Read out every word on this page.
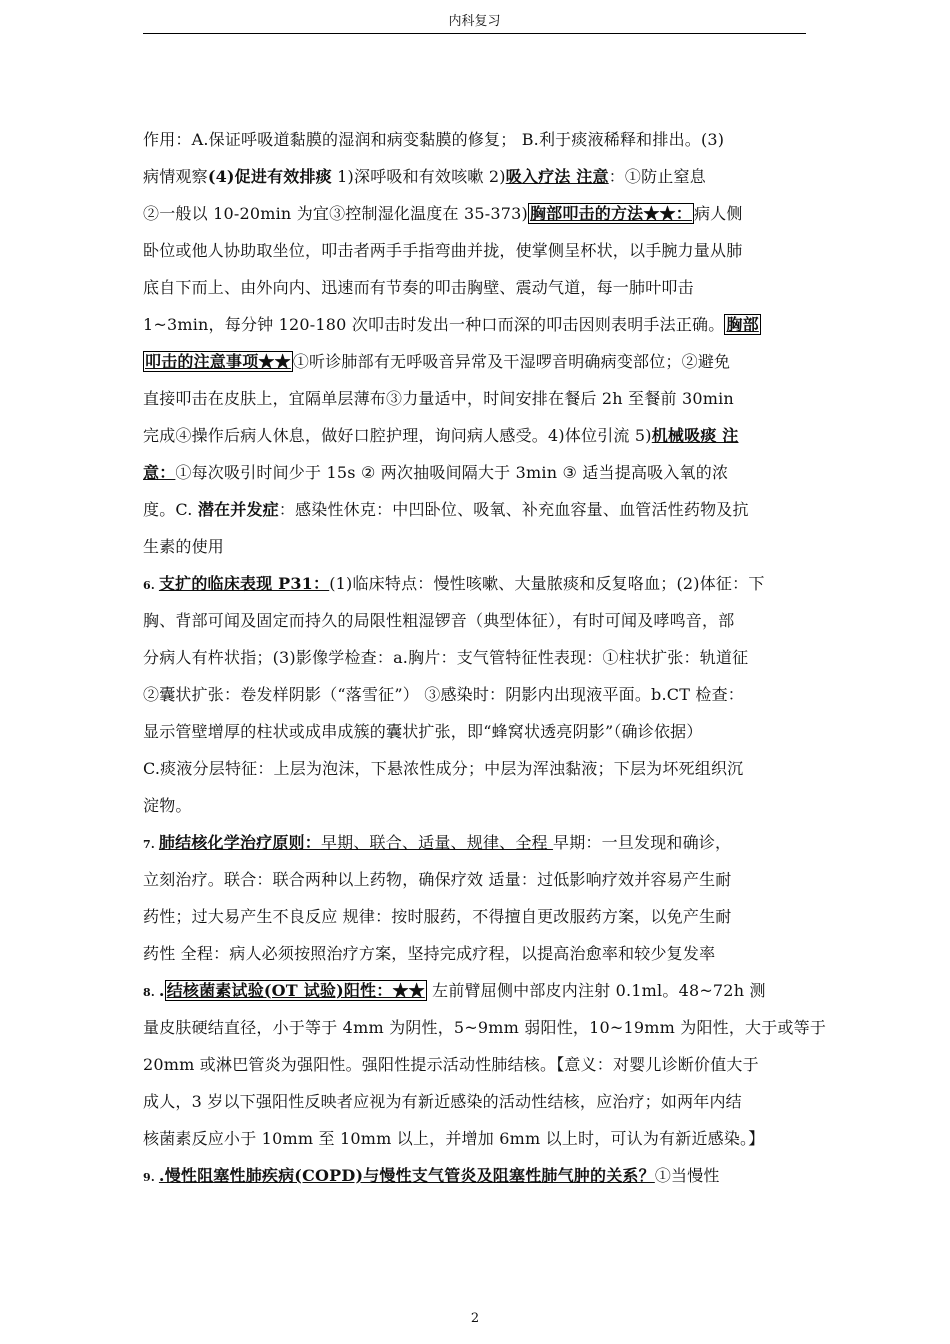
内科复习
作用：A.保证呼吸道黏膜的湿润和病变黏膜的修复； B.利于痰液稀释和排出。(3)
病情观察(4)促进有效排痰 1)深呼吸和有效咳嗽 2)吸入疗法 注意：①防止窒息
②一般以 10-20min 为宜③控制湿化温度在 35-373) 胸部叩击的方法★★： 病人侧
卧位或他人协助取坐位，叩击者两手手指弯曲并拢，使掌侧呈杯状，以手腕力量从肺
底自下而上、由外向内、迅速而有节奏的叩击胸壁、震动气道，每一肺叶叩击
1~3min，每分钟 120-180 次叩击时发出一种口而深的叩击因则表明手法正确。 胸部
叩击的注意事项★★ ①听诊肺部有无呼吸音异常及干湿啰音明确病变部位；②避免
直接叩击在皮肤上，宜隔单层薄布③力量适中，时间安排在餐后 2h 至餐前 30min
完成④操作后病人休息，做好口腔护理，询问病人感受。4)体位引流 5)机械吸痰 注
意：①每次吸引时间少于 15s ② 两次抽吸间隔大于 3min ③ 适当提高吸入氧的浓
度。C. 潜在并发症：感染性休克：中凹卧位、吸氧、补充血容量、血管活性药物及抗
生素的使用
6. 支扩的临床表现 P31：(1)临床特点：慢性咳嗽、大量脓痰和反复咯血；(2)体征：下
胸、背部可闻及固定而持久的局限性粗湿锣音（典型体征），有时可闻及哮鸣音，部
分病人有杵状指；(3)影像学检查：a.胸片：支气管特征性表现：①柱状扩张：轨道征
②囊状扩张：卷发样阴影（“落雪征”） ③感染时：阴影内出现液平面。b.CT 检查：
显示管壁增厚的柱状或成串成簇的囊状扩张，即“蜂窝状透亮阴影”（确诊依据）
C.痰液分层特征：上层为泡沫，下悬浓性成分；中层为浑浊黏液；下层为坏死组织沉
淀物。
7. 肺结核化学治疗原则：早期、联合、适量、规律、全程 早期：一旦发现和确诊，
立刻治疗。联合：联合两种以上药物，确保疗效 适量：过低影响疗效并容易产生耐
药性；过大易产生不良反应 规律：按时服药，不得擅自更改服药方案，以免产生耐
药性 全程：病人必须按照治疗方案，坚持完成疗程，以提高治愈率和较少复发率
8. . 结核菌素试验(OT 试验)阳性：★★ 左前臂屈侧中部皮内注射 0.1ml。48~72h 测
量皮肤硬结直径，小于等于 4mm 为阴性，5~9mm 弱阳性，10~19mm 为阳性，大于或等于
20mm 或淋巴管炎为强阳性。强阳性提示活动性肺结核。【意义：对婴儿诊断价值大于
成人，3 岁以下强阳性反映者应视为有新近感染的活动性结核，应治疗；如两年内结
核菌素反应小于 10mm 至 10mm 以上，并增加 6mm 以上时，可认为有新近感染。】
9. .慢性阻塞性肺疾病(COPD)与慢性支气管炎及阻塞性肺气肿的关系？①当慢性
2
